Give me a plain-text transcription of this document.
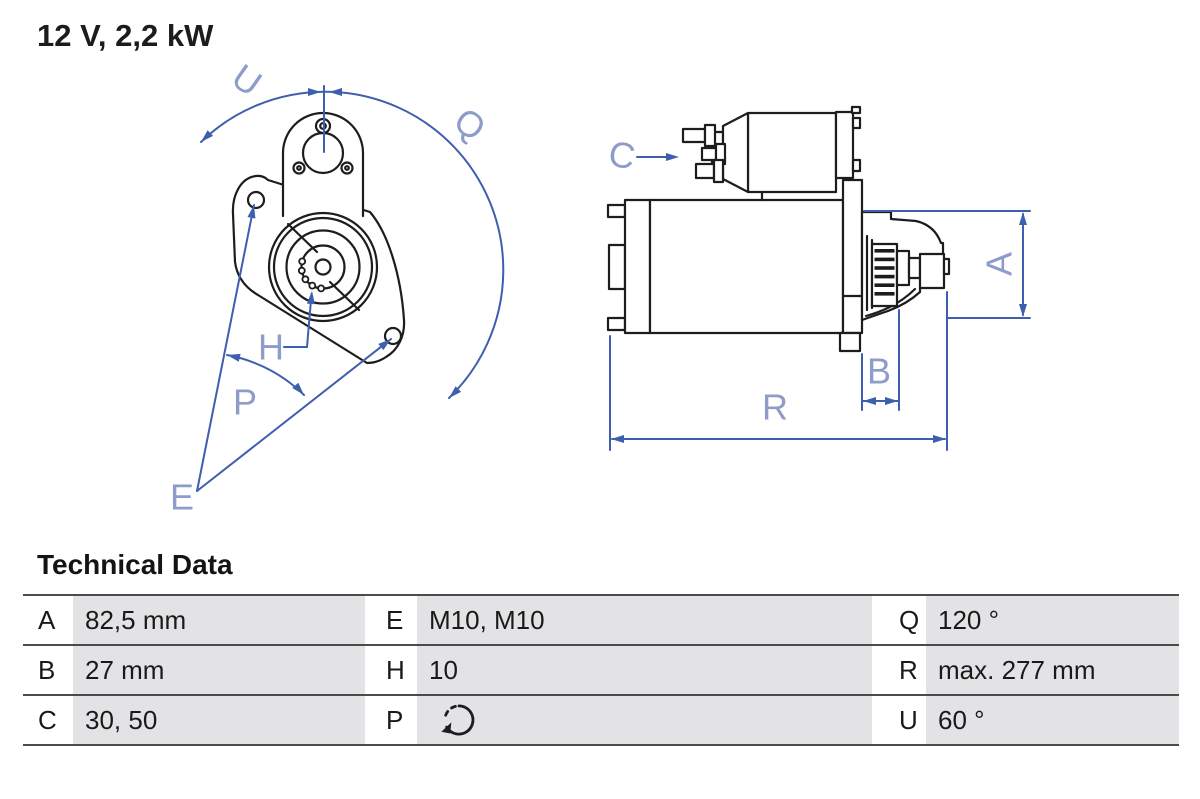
12 V, 2,2 kW
U
Q
H
P
E
C
A
B
R
Technical Data
A 82,5 mm	E M10, M10	Q 120 °
B 27 mm	H 10	R max. 277 mm
C 30, 50	P	U 60 °
